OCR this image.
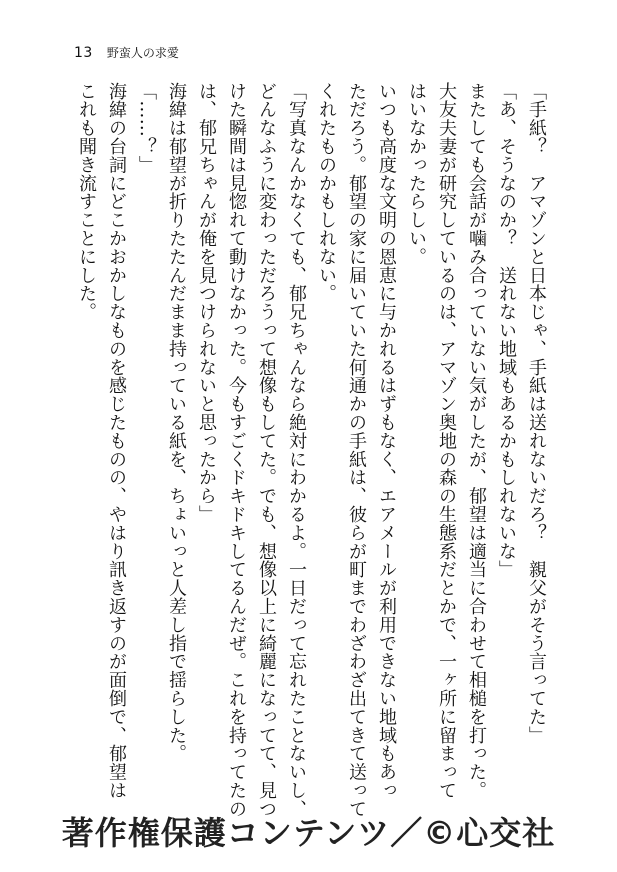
13 野蛮人の求愛

「手紙？　アマゾンと日本じゃ、手紙は送れないだろ？　親父がそう言ってた」

「あ、そうなのか？　送れない地域もあるかもしれないな」

またしても会話が噛み合っていない気がしたが、郁望は適当に合わせて相槌を打った。

大友夫妻が研究しているのは、アマゾン奥地の森の生態系だとかで、一ヶ所に留まって

はいなかったらしい。

いつも高度な文明の恩恵に与かれるはずもなく、エアメールが利用できない地域もあっ

ただろう。郁望の家に届いていた何通かの手紙は、彼らが町までわざわざ出てきて送って

くれたものかもしれない。

「写真なんかなくても、郁兄ちゃんなら絶対にわかるよ。一日だって忘れたことないし、

どんなふうに変わっただろうって想像もしてた。でも、想像以上に綺麗になってて、見つ

けた瞬間は見惚れて動けなかった。今もすごくドキドキしてるんだぜ。これを持ってたの

は、郁兄ちゃんが俺を見つけられないと思ったから」

海緯は郁望が折りたたんだまま持っている紙を、ちょいっと人差し指で揺らした。

「……？」

海緯の台詞にどこかおかしなものを感じたものの、やはり訊き返すのが面倒で、郁望は

これも聞き流すことにした。

著作権保護コンテンツ／©心交社
